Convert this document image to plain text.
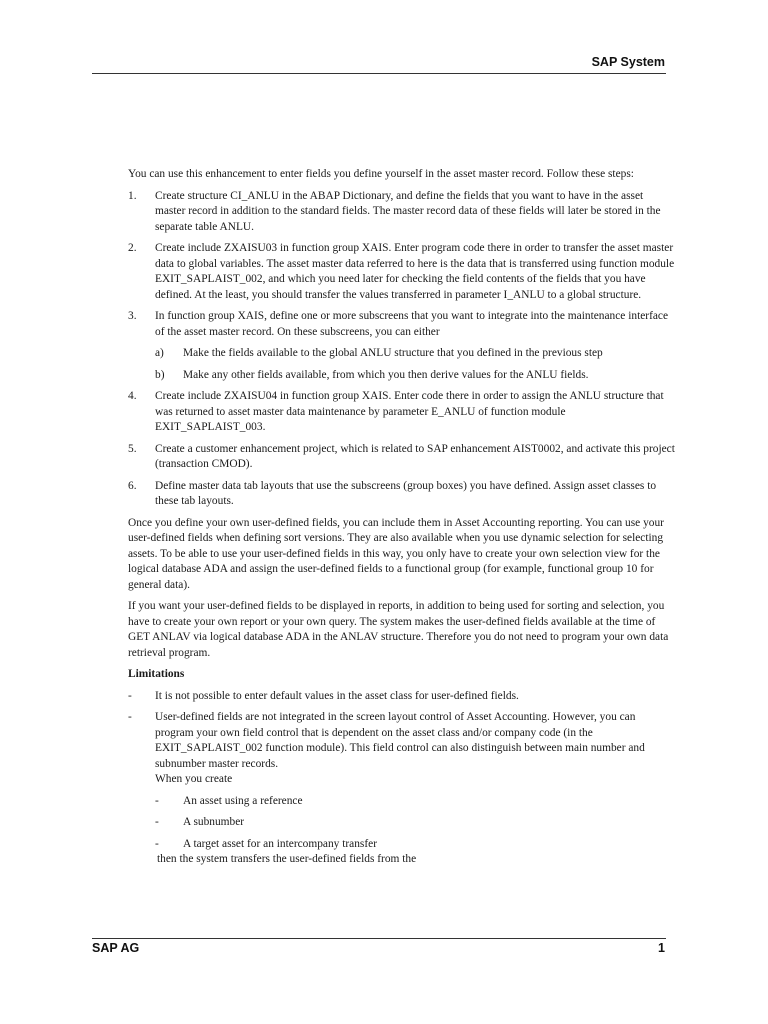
SAP System

You can use this enhancement to enter fields you define yourself in the asset master record. Follow these steps:

1. Create structure CI_ANLU in the ABAP Dictionary, and define the fields that you want to have in the asset master record in addition to the standard fields. The master record data of these fields will later be stored in the separate table ANLU.
2. Create include ZXAISU03 in function group XAIS. Enter program code there in order to transfer the asset master data to global variables. The asset master data referred to here is the data that is transferred using function module EXIT_SAPLAIST_002, and which you need later for checking the field contents of the fields that you have defined. At the least, you should transfer the values transferred in parameter I_ANLU to a global structure.
3. In function group XAIS, define one or more subscreens that you want to integrate into the maintenance interface of the asset master record. On these subscreens, you can either
a) Make the fields available to the global ANLU structure that you defined in the previous step
b) Make any other fields available, from which you then derive values for the ANLU fields.
4. Create include ZXAISU04 in function group XAIS. Enter code there in order to assign the ANLU structure that was returned to asset master data maintenance by parameter E_ANLU of function module EXIT_SAPLAIST_003.
5. Create a customer enhancement project, which is related to SAP enhancement AIST0002, and activate this project (transaction CMOD).
6. Define master data tab layouts that use the subscreens (group boxes) you have defined. Assign asset classes to these tab layouts.

Once you define your own user-defined fields, you can include them in Asset Accounting reporting. You can use your user-defined fields when defining sort versions. They are also available when you use dynamic selection for selecting assets. To be able to use your user-defined fields in this way, you only have to create your own selection view for the logical database ADA and assign the user-defined fields to a functional group (for example, functional group 10 for general data).

If you want your user-defined fields to be displayed in reports, in addition to being used for sorting and selection, you have to create your own report or your own query. The system makes the user-defined fields available at the time of GET ANLAV via logical database ADA in the ANLAV structure. Therefore you do not need to program your own data retrieval program.

Limitations
- It is not possible to enter default values in the asset class for user-defined fields.
- User-defined fields are not integrated in the screen layout control of Asset Accounting. However, you can program your own field control that is dependent on the asset class and/or company code (in the EXIT_SAPLAIST_002 function module). This field control can also distinguish between main number and subnumber master records.
When you create
- An asset using a reference
- A subnumber
- A target asset for an intercompany transfer
then the system transfers the user-defined fields from the
SAP AG	1
